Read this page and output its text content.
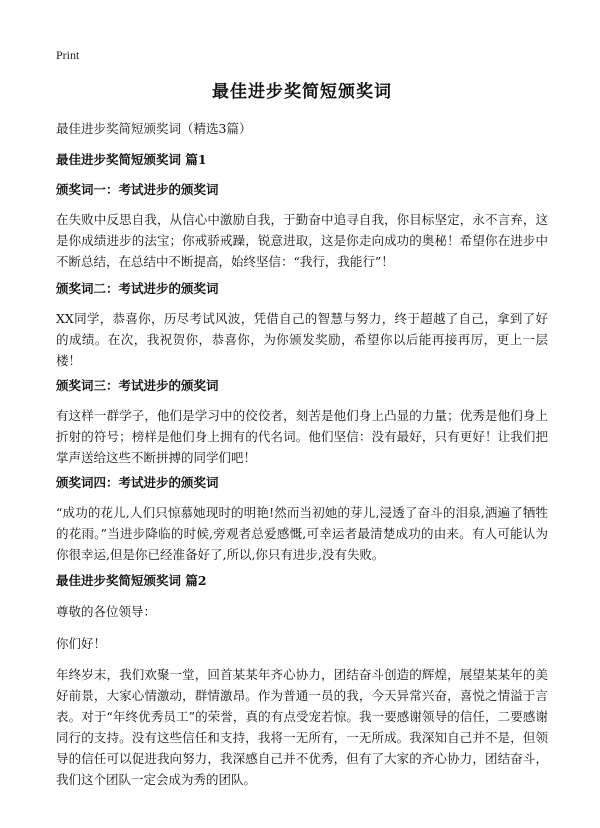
Print
最佳进步奖简短颁奖词
最佳进步奖简短颁奖词（精选3篇）
最佳进步奖简短颁奖词 篇1
颁奖词一：考试进步的颁奖词
在失败中反思自我，从信心中激励自我，于勤奋中追寻自我，你目标坚定，永不言弃，这是你成绩进步的法宝；你戒骄戒躁，锐意进取，这是你走向成功的奥秘！希望你在进步中不断总结，在总结中不断提高，始终坚信：“我行，我能行”！
颁奖词二：考试进步的颁奖词
XX同学，恭喜你，历尽考试风波，凭借自己的智慧与努力，终于超越了自己，拿到了好的成绩。在次，我祝贺你，恭喜你，为你颁发奖励，希望你以后能再接再厉，更上一层楼！
颁奖词三：考试进步的颁奖词
有这样一群学子，他们是学习中的佼佼者，刻苦是他们身上凸显的力量；优秀是他们身上折射的符号；榜样是他们身上拥有的代名词。他们坚信：没有最好，只有更好！让我们把掌声送给这些不断拼搏的同学们吧！
颁奖词四：考试进步的颁奖词
“成功的花儿,人们只惊慕她现时的明艳!然而当初她的芽儿,浸透了奋斗的泪泉,洒遍了牺牲的花雨。”当进步降临的时候,旁观者总爱感慨,可幸运者最清楚成功的由来。有人可能认为你很幸运,但是你已经准备好了,所以,你只有进步,没有失败。
最佳进步奖简短颁奖词 篇2
尊敬的各位领导：
你们好！
年终岁末，我们欢聚一堂，回首某某年齐心协力，团结奋斗创造的辉煌，展望某某年的美好前景，大家心情激动，群情激昂。作为普通一员的我，今天异常兴奋，喜悦之情溢于言表。对于“年终优秀员工”的荣誉，真的有点受宠若惊。我一要感谢领导的信任，二要感谢同行的支持。没有这些信任和支持，我将一无所有，一无所成。我深知自己并不是，但领导的信任可以促进我向努力，我深感自己并不优秀，但有了大家的齐心协力，团结奋斗，我们这个团队一定会成为秀的团队。
